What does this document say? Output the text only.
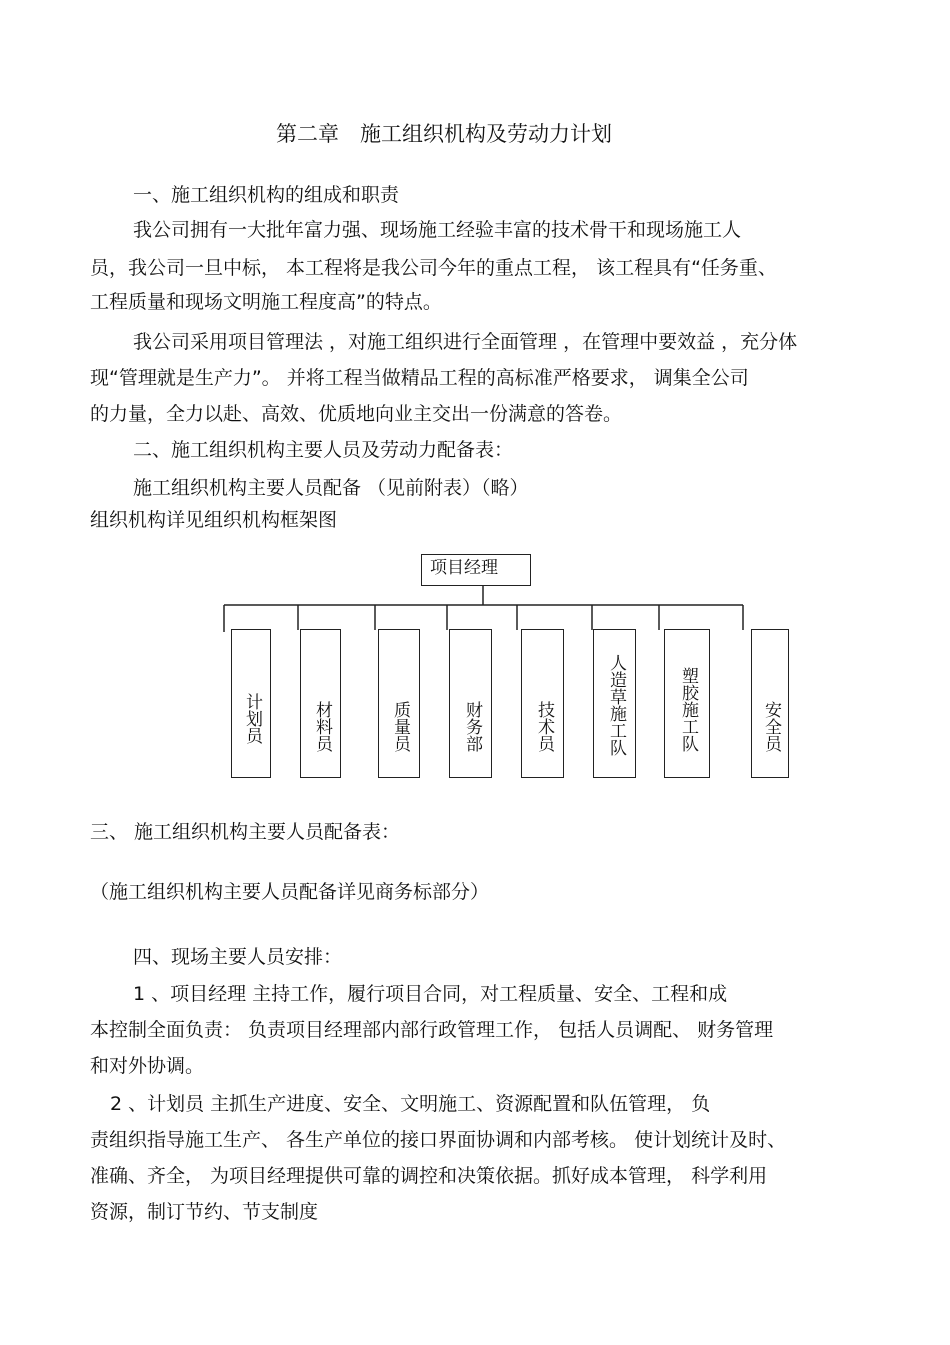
第二章　施工组织机构及劳动力计划
一、施工组织机构的组成和职责
我公司拥有一大批年富力强、现场施工经验丰富的技术骨干和现场施工人
员，我公司一旦中标， 本工程将是我公司今年的重点工程， 该工程具有“任务重、
工程质量和现场文明施工程度高”的特点。
我公司采用项目管理法 ，对施工组织进行全面管理 ，在管理中要效益 ，充分体
现“管理就是生产力”。 并将工程当做精品工程的高标准严格要求， 调集全公司
的力量，全力以赴、高效、优质地向业主交出一份满意的答卷。
二、施工组织机构主要人员及劳动力配备表：
施工组织机构主要人员配备 （见前附表）（略）
组织机构详见组织机构框架图
项目经理
计划员	材料员	质量员	财务部	技术员	人造草施工队	塑胶施工队	安全员
三、 施工组织机构主要人员配备表：
（施工组织机构主要人员配备详见商务标部分）
四、现场主要人员安排：
1 、项目经理 主持工作，履行项目合同，对工程质量、安全、工程和成
本控制全面负责： 负责项目经理部内部行政管理工作， 包括人员调配、 财务管理
和对外协调。
2 、计划员 主抓生产进度、安全、文明施工、资源配置和队伍管理， 负
责组织指导施工生产、 各生产单位的接口界面协调和内部考核。 使计划统计及时、
准确、齐全， 为项目经理提供可靠的调控和决策依据。抓好成本管理， 科学利用
资源，制订节约、节支制度
